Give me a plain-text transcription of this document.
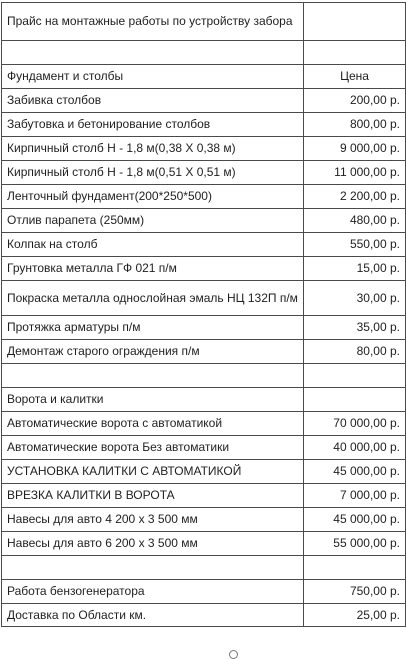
Прайс на монтажные работы по устройству забора	

Фундамент и столбы	Цена
Забивка столбов	200,00 р.
Забутовка и бетонирование столбов	800,00 р.
Кирпичный столб H - 1,8 м(0,38 X 0,38 м)	9 000,00 р.
Кирпичный столб H - 1,8 м(0,51 X 0,51 м)	11 000,00 р.
Ленточный фундамент(200*250*500)	2 200,00 р.
Отлив парапета (250мм)	480,00 р.
Колпак на столб	550,00 р.
Грунтовка металла ГФ 021 п/м	15,00 р.
Покраска металла однослойная эмаль НЦ 132П п/м	30,00 р.
Протяжка арматуры п/м	35,00 р.
Демонтаж старого ограждения п/м	80,00 р.

Ворота и калитки	
Автоматические ворота с автоматикой	70 000,00 р.
Автоматические ворота Без автоматики	40 000,00 р.
УСТАНОВКА КАЛИТКИ С АВТОМАТИКОЙ	45 000,00 р.
ВРЕЗКА КАЛИТКИ В ВОРОТА	7 000,00 р.
Навесы для авто 4 200 х 3 500 мм	45 000,00 р.
Навесы для авто 6 200 х 3 500 мм	55 000,00 р.

Работа бензогенератора	750,00 р.
Доставка по Области км.	25,00 р.
